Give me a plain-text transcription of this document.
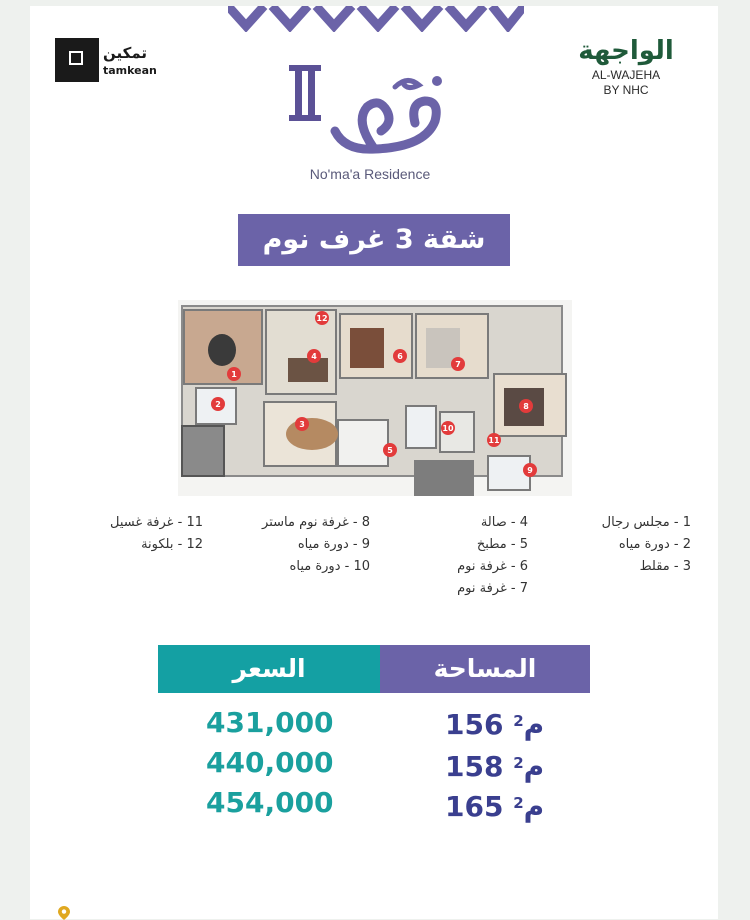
تمكين
tamkean
الواجهة
AL-WAJEHA
BY NHC
No'ma'a Residence
شقة 3 غرف نوم
1
2
3
4
5
6
7
8
9
10
11
12
1 - مجلس رجال
2 - دورة مياه
3 - مقلط
4 - صالة
5 - مطبخ
6 - غرفة نوم
7 - غرفة نوم
8 - غرفة نوم ماستر
9 - دورة مياه
10 - دورة مياه
11 - غرفة غسيل
12 - بلكونة
المساحة
السعر
156 م$^2$
158 م$^2$
165 م$^2$
431,000
440,000
454,000
